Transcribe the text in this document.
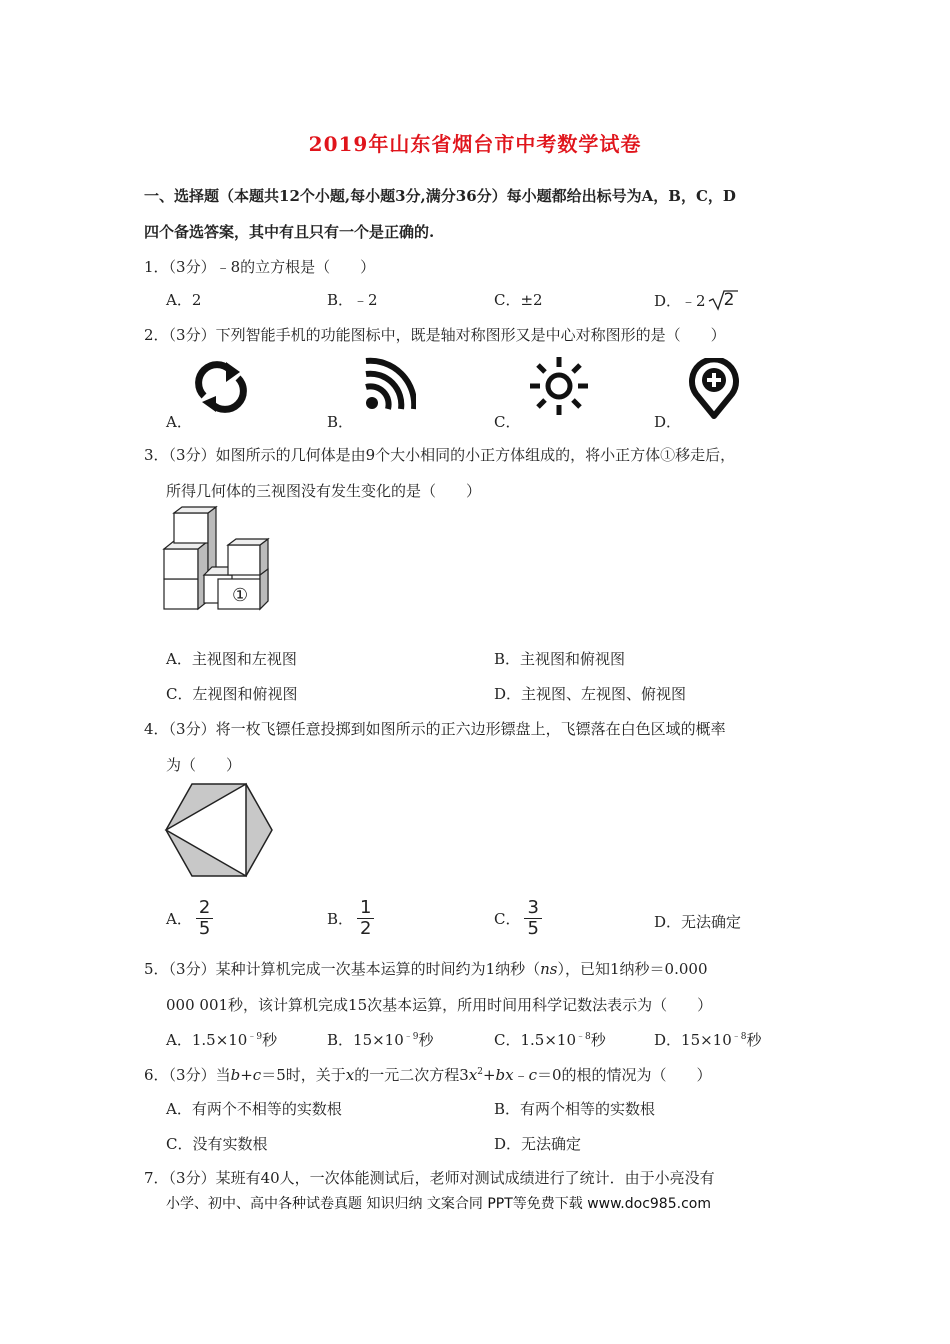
2019年山东省烟台市中考数学试卷
一、选择题（本题共12个小题,每小题3分,满分36分）每小题都给出标号为A，B，C，D
四个备选答案，其中有且只有一个是正确的.
1．（3分）﹣8的立方根是（　　）
A．2	B．﹣2	C．±2	D．﹣2 2
2．（3分）下列智能手机的功能图标中，既是轴对称图形又是中心对称图形的是（　　）
A．	B．	C．	D．
3．（3分）如图所示的几何体是由9个大小相同的小正方体组成的，将小正方体①移走后，
所得几何体的三视图没有发生变化的是（　　）
①
A．主视图和左视图	B．主视图和俯视图
C．左视图和俯视图	D．主视图、左视图、俯视图
4．（3分）将一枚飞镖任意投掷到如图所示的正六边形镖盘上，飞镖落在白色区域的概率
为（　　）
A． $\frac{2}{5}$	B． $\frac{1}{2}$	C． $\frac{3}{5}$	D．无法确定
5．（3分）某种计算机完成一次基本运算的时间约为1纳秒（ns），已知1纳秒＝0.000
000 001秒，该计算机完成15次基本运算，所用时间用科学记数法表示为（　　）
A．$1.5\times 10^{﹣9}$秒	B．$15\times 10^{﹣9}$秒	C．$1.5\times 10^{﹣8}$秒	D．$15\times 10^{﹣8}$秒
6．（3分）当b+c＝5时，关于x的一元二次方程$3x^2+bx﹣c=0$的根的情况为（　　）
A．有两个不相等的实数根	B．有两个相等的实数根
C．没有实数根	D．无法确定
7．（3分）某班有40人，一次体能测试后，老师对测试成绩进行了统计．由于小亮没有
小学、初中、高中各种试卷真题 知识归纳 文案合同 PPT等免费下载 www.doc985.com
